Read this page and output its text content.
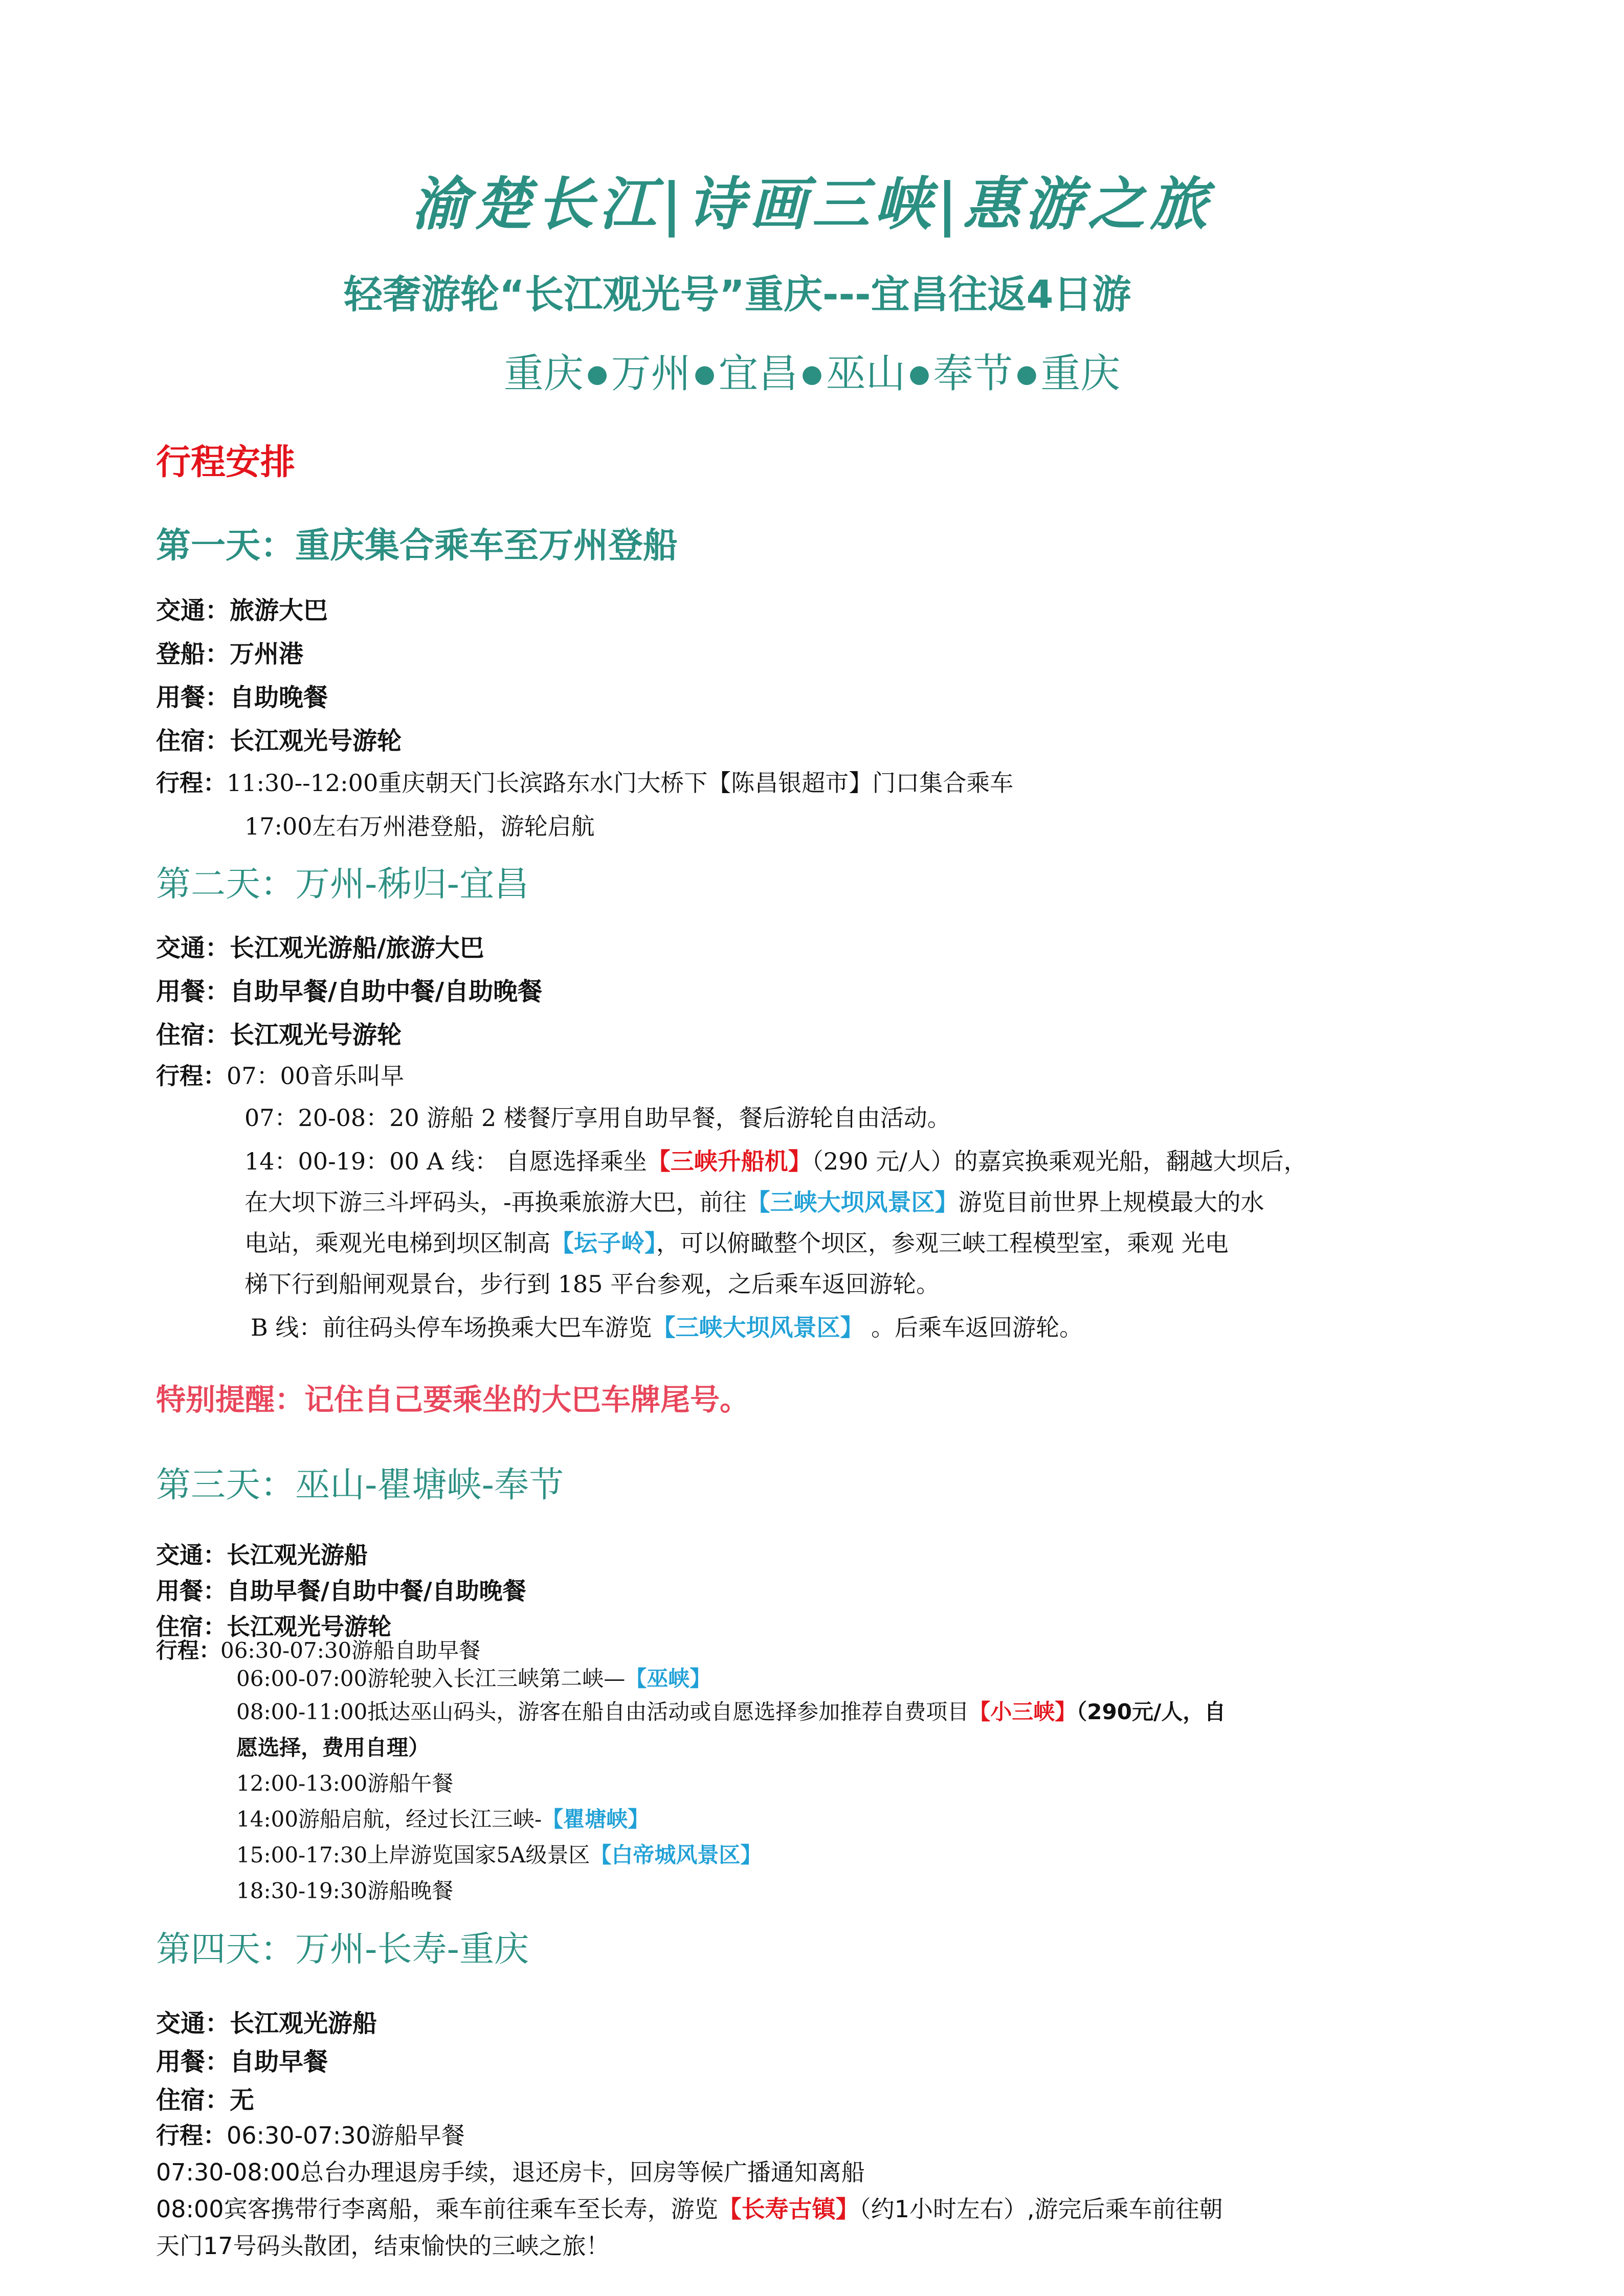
渝楚长江|诗画三峡|惠游之旅
轻奢游轮“长江观光号”重庆---宜昌往返4日游
重庆 ●万州 ●宜昌 ●巫山 ●奉节 ●重庆
行程安排
第一天：重庆集合乘车至万州登船
交通：旅游大巴
登船：万州港
用餐：自助晚餐
住宿：长江观光号游轮
行程：11:30--12:00重庆朝天门长滨路东水门大桥下【陈昌银超市】门口集合乘车
17:00左右万州港登船，游轮启航
第二天：万州-秭归-宜昌
交通：长江观光游船/旅游大巴
用餐：自助早餐/自助中餐/自助晚餐
住宿：长江观光号游轮
行程：07：00音乐叫早
07：20-08：20 游船 2 楼餐厅享用自助早餐，餐后游轮自由活动。
14：00-19：00 A 线： 自愿选择乘坐【三峡升船机】（290 元/人）的嘉宾换乘观光船，翻越大坝后，
在大坝下游三斗坪码头，-再换乘旅游大巴，前往【三峡大坝风景区】游览目前世界上规模最大的水
电站，乘观光电梯到坝区制高【坛子岭】，可以俯瞰整个坝区，参观三峡工程模型室，乘观 光电
梯下行到船闸观景台，步行到 185 平台参观，之后乘车返回游轮。
B 线：前往码头停车场换乘大巴车游览【三峡大坝风景区】 。后乘车返回游轮。
特别提醒：记住自己要乘坐的大巴车牌尾号。
第三天：巫山-瞿塘峡-奉节
交通：长江观光游船
用餐：自助早餐/自助中餐/自助晚餐
住宿：长江观光号游轮
行程：06:30-07:30游船自助早餐
06:00-07:00游轮驶入长江三峡第二峡—【巫峡】
08:00-11:00抵达巫山码头，游客在船自由活动或自愿选择参加推荐自费项目【小三峡】（290元/人，自
愿选择，费用自理）
12:00-13:00游船午餐
14:00游船启航，经过长江三峡-【瞿塘峡】
15:00-17:30上岸游览国家5A级景区【白帝城风景区】
18:30-19:30游船晚餐
第四天：万州-长寿-重庆
交通：长江观光游船
用餐：自助早餐
住宿：无
行程：06:30-07:30游船早餐
07:30-08:00总台办理退房手续，退还房卡，回房等候广播通知离船
08:00宾客携带行李离船，乘车前往乘车至长寿，游览【长寿古镇】（约1小时左右）,游完后乘车前往朝
天门17号码头散团，结束愉快的三峡之旅！
